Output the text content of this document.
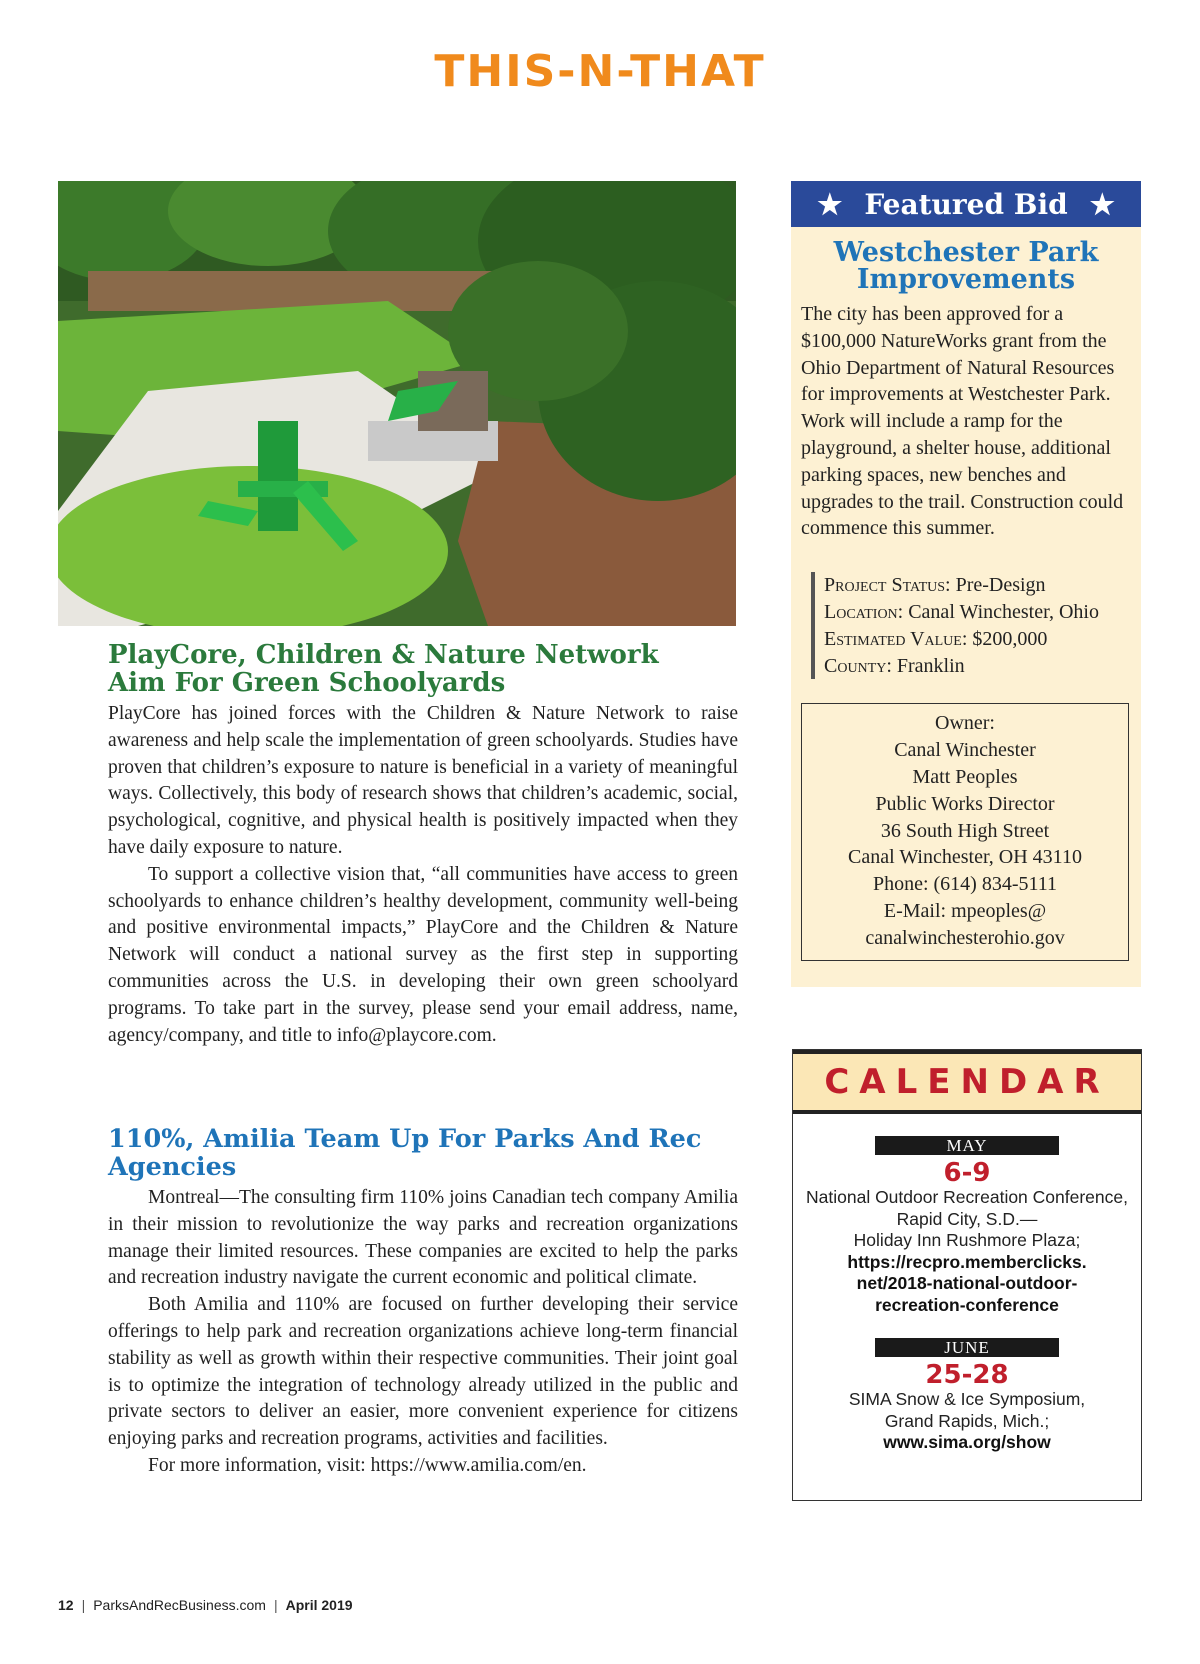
THIS-N-THAT
PlayCore, Children & Nature Network
Aim For Green Schoolyards

PlayCore has joined forces with the Children & Nature Network to raise awareness and help scale the implementation of green schoolyards. Studies have proven that children’s exposure to nature is beneficial in a variety of meaningful ways. Collectively, this body of research shows that children’s academic, social, psychological, cognitive, and physical health is positively impacted when they have daily exposure to nature.

To support a collective vision that, “all communities have access to green schoolyards to enhance children’s healthy development, community well-being and positive environmental impacts,” PlayCore and the Children & Nature Network will conduct a national survey as the first step in supporting communities across the U.S. in developing their own green schoolyard programs. To take part in the survey, please send your email address, name, agency/company, and title to info@playcore.com.

110%, Amilia Team Up For Parks And Rec Agencies

Montreal—The consulting firm 110% joins Canadian tech company Amilia in their mission to revolutionize the way parks and recreation organizations manage their limited resources. These companies are excited to help the parks and recreation industry navigate the current economic and political climate.

Both Amilia and 110% are focused on further developing their service offerings to help park and recreation organizations achieve long-term financial stability as well as growth within their respective communities. Their joint goal is to optimize the integration of technology already utilized in the public and private sectors to deliver an easier, more convenient experience for citizens enjoying parks and recreation programs, activities and facilities.

For more information, visit: https://www.amilia.com/en.

★ Featured Bid ★
Westchester Park
Improvements
The city has been approved for a $100,000 NatureWorks grant from the Ohio Department of Natural Resources for improvements at Westchester Park. Work will include a ramp for the playground, a shelter house, additional parking spaces, new benches and upgrades to the trail. Construction could commence this summer.
Project Status: Pre-Design
Location: Canal Winchester, Ohio
Estimated Value: $200,000
County: Franklin
Owner:
Canal Winchester
Matt Peoples
Public Works Director
36 South High Street
Canal Winchester, OH 43110
Phone: (614) 834-5111
E-Mail: mpeoples@
canalwinchesterohio.gov
CALENDAR
MAY
6-9
National Outdoor Recreation Conference,
Rapid City, S.D.—
Holiday Inn Rushmore Plaza;
https://recpro.memberclicks.
net/2018-national-outdoor-
recreation-conference
JUNE
25-28
SIMA Snow & Ice Symposium,
Grand Rapids, Mich.;
www.sima.org/show
12 | ParksAndRecBusiness.com | April 2019
